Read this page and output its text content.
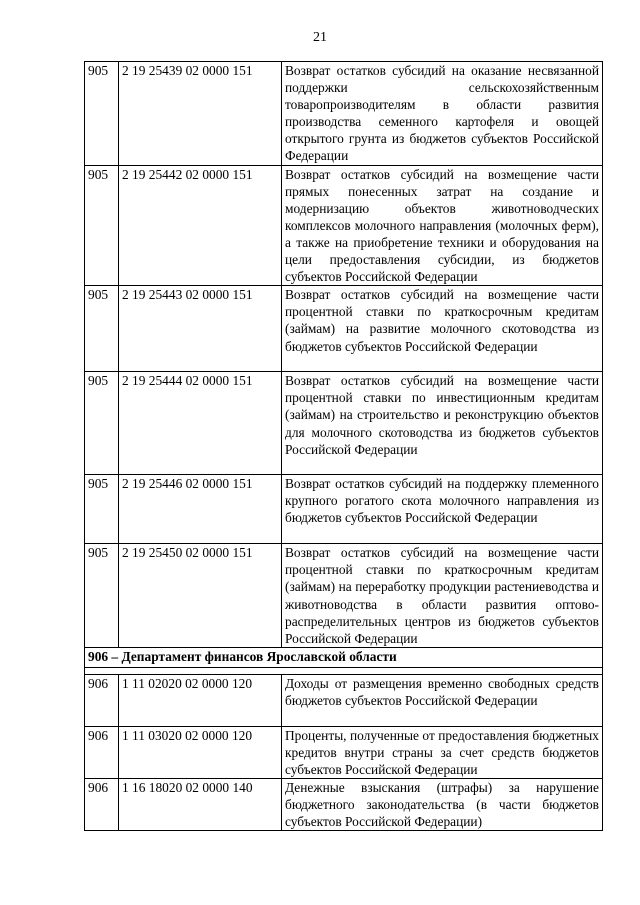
21
905	2 19 25439 02 0000 151	Возврат остатков субсидий на оказание несвязанной поддержки сельскохозяйственным товаропроизводителям в области развития производства семенного картофеля и овощей открытого грунта из бюджетов субъектов Российской Федерации
905	2 19 25442 02 0000 151	Возврат остатков субсидий на возмещение части прямых понесенных затрат на создание и модернизацию объектов животноводческих комплексов молочного направления (молочных ферм), а также на приобретение техники и оборудования на цели предоставления субсидии, из бюджетов субъектов Российской Федерации
905	2 19 25443 02 0000 151	Возврат остатков субсидий на возмещение части процентной ставки по краткосрочным кредитам (займам) на развитие молочного скотоводства из бюджетов субъектов Российской Федерации
905	2 19 25444 02 0000 151	Возврат остатков субсидий на возмещение части процентной ставки по инвестиционным кредитам (займам) на строительство и реконструкцию объектов для молочного скотоводства из бюджетов субъектов Российской Федерации
905	2 19 25446 02 0000 151	Возврат остатков субсидий на поддержку племенного крупного рогатого скота молочного направления из бюджетов субъектов Российской Федерации
905	2 19 25450 02 0000 151	Возврат остатков субсидий на возмещение части процентной ставки по краткосрочным кредитам (займам) на переработку продукции растениеводства и животноводства в области развития оптово-распределительных центров из бюджетов субъектов Российской Федерации
906 – Департамент финансов Ярославской области		

906	1 11 02020 02 0000 120	Доходы от размещения временно свободных средств бюджетов субъектов Российской Федерации
906	1 11 03020 02 0000 120	Проценты, полученные от предоставления бюджетных кредитов внутри страны за счет средств бюджетов субъектов Российской Федерации
906	1 16 18020 02 0000 140	Денежные взыскания (штрафы) за нарушение бюджетного законодательства (в части бюджетов субъектов Российской Федерации)
